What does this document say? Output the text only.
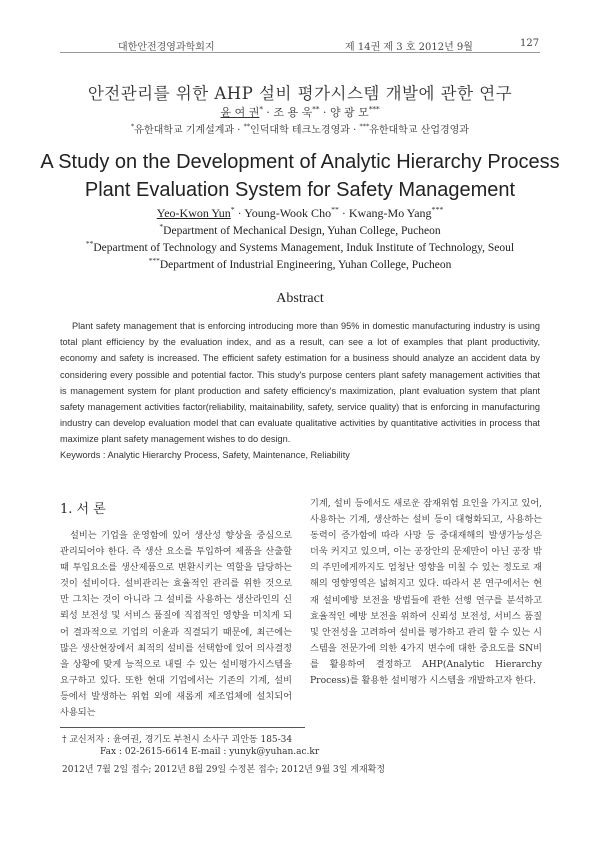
대한안전경영과학회지	제 14권 제 3 호 2012년 9월	127
안전관리를 위한 AHP 설비 평가시스템 개발에 관한 연구
윤 여 권* · 조 용 욱** · 양 광 모***
*유한대학교 기계설계과 · **인덕대학 테크노경영과 · ***유한대학교 산업경영과
A Study on the Development of Analytic Hierarchy Process
Plant Evaluation System for Safety Management
Yeo-Kwon Yun* · Young-Wook Cho** · Kwang-Mo Yang***
*Department of Mechanical Design, Yuhan College, Pucheon
**Department of Technology and Systems Management, Induk Institute of Technology, Seoul
***Department of Industrial Engineering, Yuhan College, Pucheon
Abstract

Plant safety management that is enforcing introducing more than 95% in domestic manufacturing industry is using total plant efficiency by the evaluation index, and as a result, can see a lot of examples that plant productivity, economy and safety is increased. The efficient safety estimation for a business should analyze an accident data by considering every possible and potential factor. This study's purpose centers plant safety management activities that is management system for plant production and safety efficiency's maximization, plant evaluation system that plant safety management activities factor(reliability, maitainability, safety, service quality) that is enforcing in manufacturing industry can develop evaluation model that can evaluate qualitative activities by quantitative activities in process that maximize plant safety management wishes to do design.

Keywords : Analytic Hierarchy Process, Safety, Maintenance, Reliability
1. 서 론

설비는 기업을 운영함에 있어 생산성 향상을 중심으로 관리되어야 한다. 즉 생산 요소를 투입하여 제품을 산출할 때 투입요소를 생산제품으로 변환시키는 역할을 담당하는 것이 설비이다. 설비관리는 효율적인 관리를 위한 것으로만 그치는 것이 아니라 그 설비를 사용하는 생산라인의 신뢰성 보전성 및 서비스 품질에 직접적인 영향을 미치게 되어 결과적으로 기업의 이윤과 직결되기 때문에, 최근에는 많은 생산현장에서 최적의 설비를 선택함에 있어 의사결정을 상황에 맞게 능적으로 내릴 수 있는 설비평가시스템을 요구하고 있다. 또한 현대 기업에서는 기존의 기계, 설비 등에서 발생하는 위험 외에 새롭게 제조업체에 설치되어 사용되는

기계, 설비 등에서도 새로운 잠재위험 요인을 가지고 있어, 사용하는 기계, 생산하는 설비 등이 대형화되고, 사용하는 동력이 증가함에 따라 사망 등 중대재해의 발생가능성은 더욱 커지고 있으며, 이는 공장안의 문제만이 아닌 공장 밖의 주민에게까지도 엄청난 영향을 미칠 수 있는 정도로 재해의 영향영역은 넓혀지고 있다. 따라서 본 연구에서는 현재 설비예방 보전을 방법들에 관한 선행 연구를 분석하고 효율적인 예방 보전을 위하여 신뢰성 보전성, 서비스 품질 및 안전성을 고려하여 설비를 평가하고 관리 할 수 있는 시스템을 전문가에 의한 4가지 변수에 대한 중요도를 SN비를 활용하여 결정하고 AHP(Analytic Hierarchy Process)를 활용한 설비평가 시스템을 개발하고자 한다.

† 교신저자 : 윤여권, 경기도 부천시 소사구 괴안동 185-34
Fax : 02-2615-6614 E-mail : yunyk@yuhan.ac.kr
2012년 7월 2일 접수; 2012년 8월 29일 수정본 접수; 2012년 9월 3일 게재확정
